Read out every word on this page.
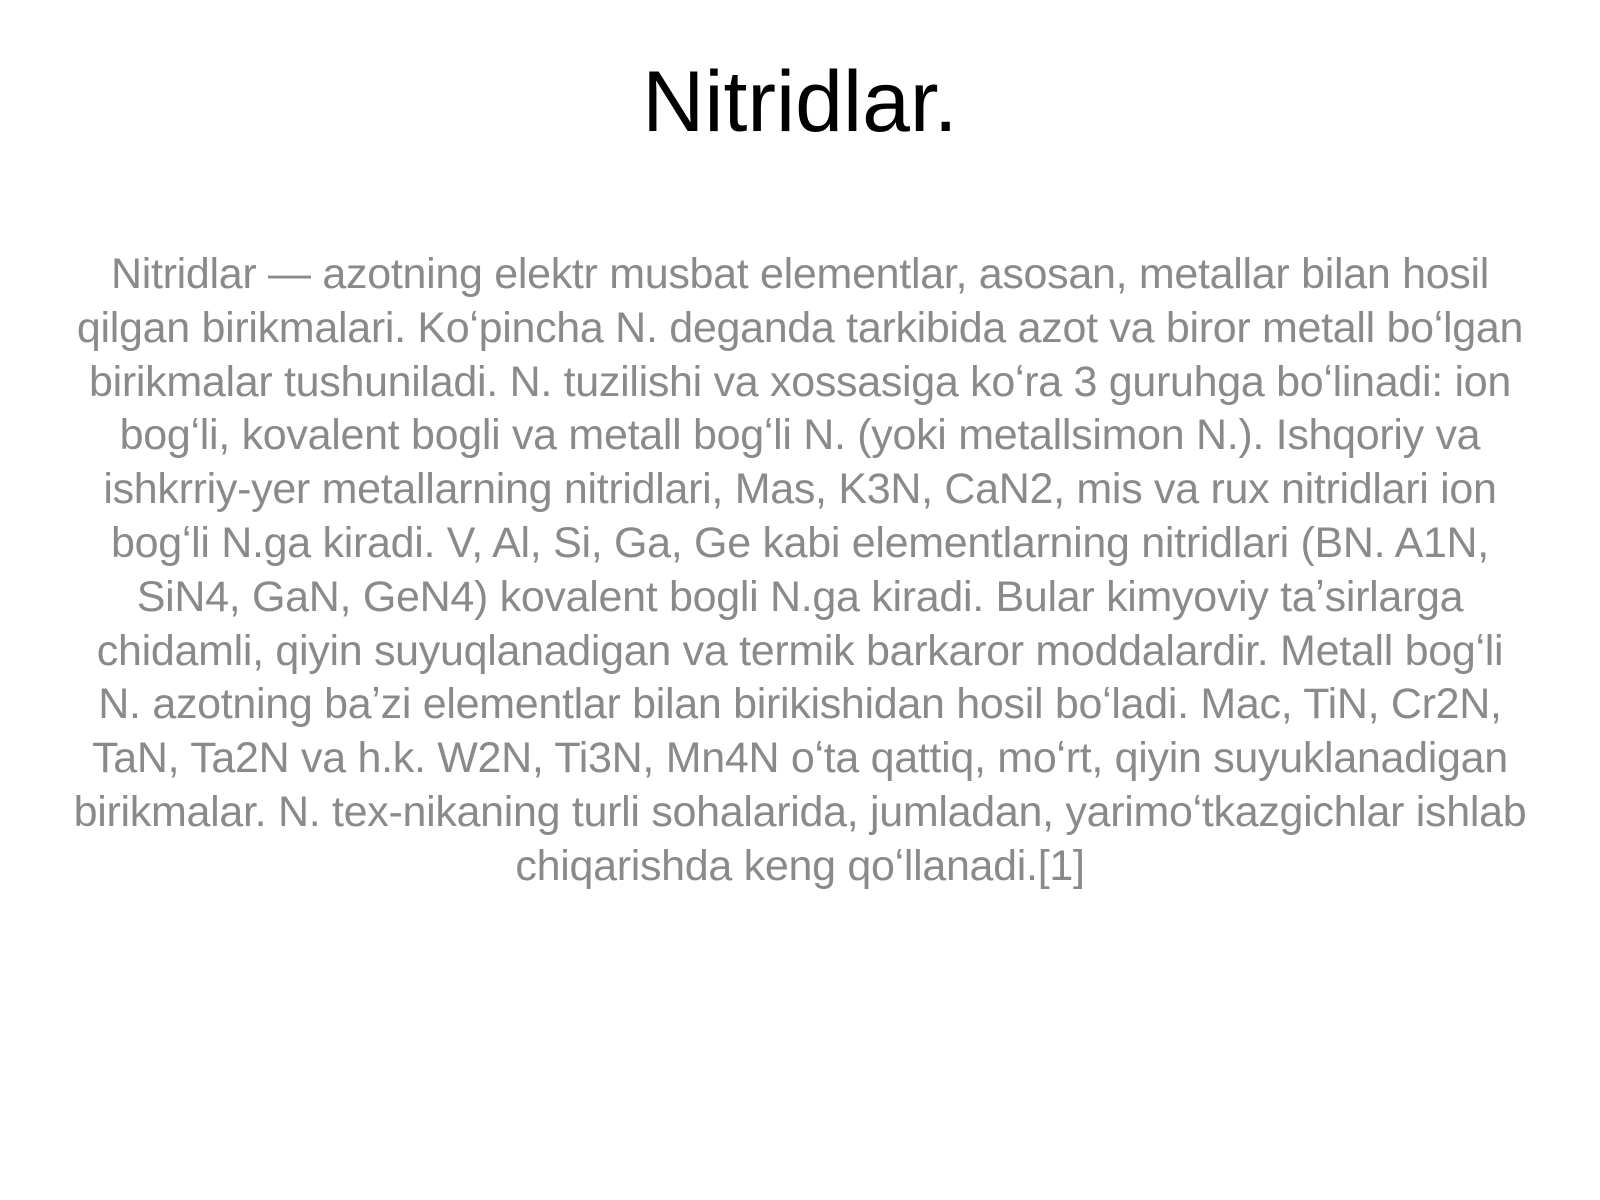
Nitridlar.

Nitridlar — azotning elektr musbat elementlar, asosan, metallar bilan hosil qilgan birikmalari. Koʻpincha N. deganda tarkibida azot va biror metall boʻlgan birikmalar tushuniladi. N. tuzilishi va xossasiga koʻra 3 guruhga boʻlinadi: ion bogʻli, kovalent bogli va metall bogʻli N. (yoki metallsimon N.). Ishqoriy va ishkrriy-yer metallarning nitridlari, Mas, K3N, CaN2, mis va rux nitridlari ion bogʻli N.ga kiradi. V, Al, Si, Ga, Ge kabi elementlarning nitridlari (BN. A1N, SiN4, GaN, GeN4) kovalent bogli N.ga kiradi. Bular kimyoviy taʼsirlarga chidamli, qiyin suyuqlanadigan va termik barkaror moddalardir. Metall bogʻli N. azotning baʼzi elementlar bilan birikishidan hosil boʻladi. Mac, TiN, Cr2N, TaN, Ta2N va h.k. W2N, Ti3N, Mn4N oʻta qattiq, moʻrt, qiyin suyuklanadigan birikmalar. N. tex-nikaning turli sohalarida, jumladan, yarimoʻtkazgichlar ishlab chiqarishda keng qoʻllanadi.[1]
